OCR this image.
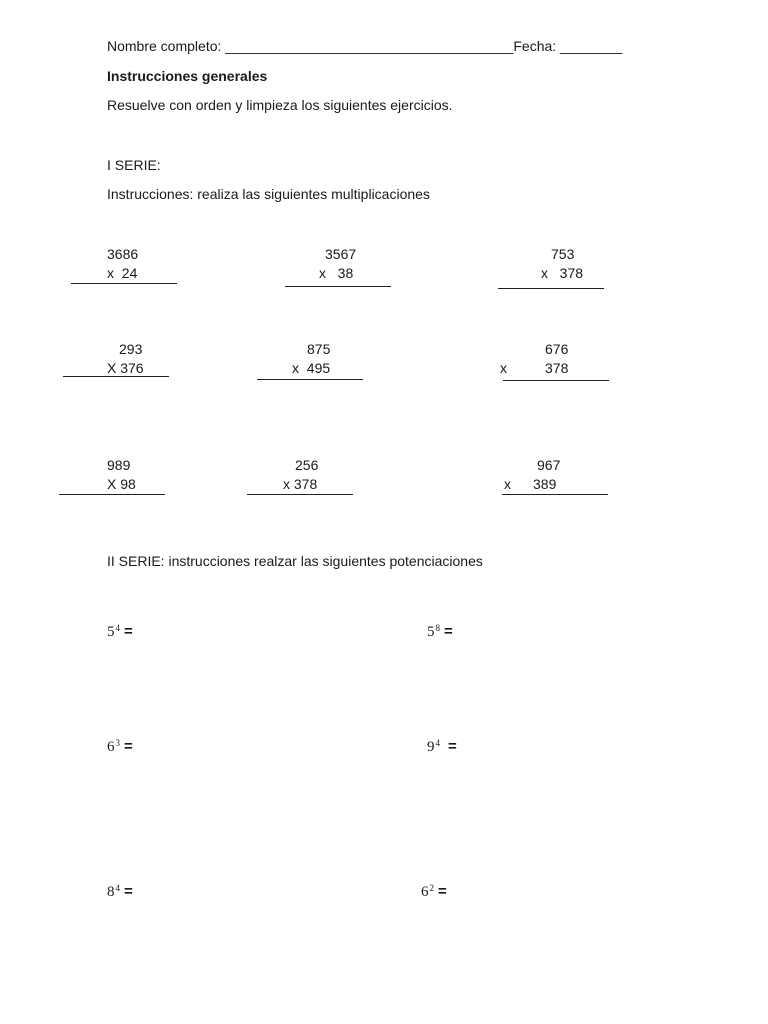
Nombre completo: _____________________________________Fecha: ________
Instrucciones generales
Resuelve con orden y limpieza los siguientes ejercicios.
I SERIE:
Instrucciones: realiza las siguientes multiplicaciones
3686
x  24
3567
x   38
753
x   378
293
X 376
875
x  495
676
x	378
989
X 98
256
x 378
967
x 389
II SERIE: instrucciones realzar las siguientes potenciaciones
$5^4$ =	$5^8$ =
$6^3$ =	$9^4$ =
$8^4$ =	$6^2$ =
